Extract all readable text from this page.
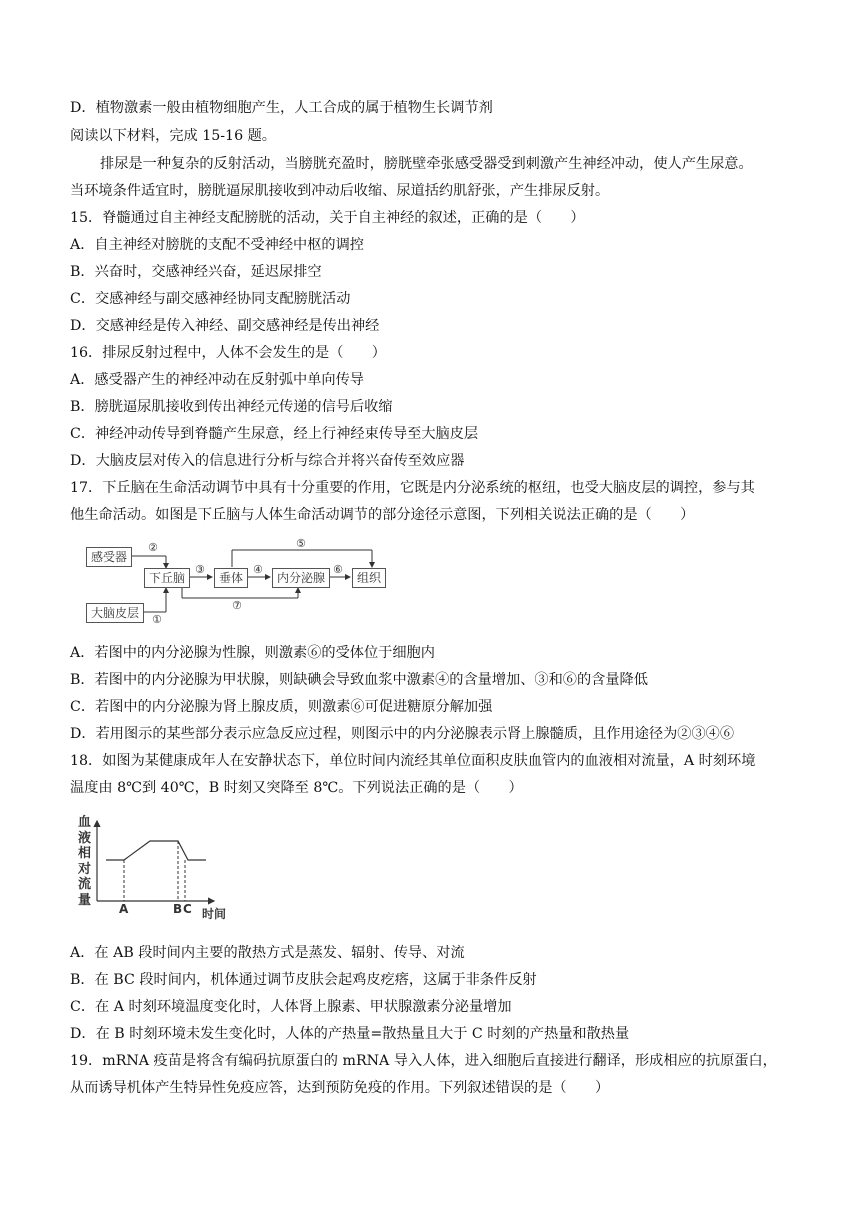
D．植物激素一般由植物细胞产生，人工合成的属于植物生长调节剂
阅读以下材料，完成 15-16 题。
排尿是一种复杂的反射活动，当膀胱充盈时，膀胱壁牵张感受器受到刺激产生神经冲动，使人产生尿意。
当环境条件适宜时，膀胱逼尿肌接收到冲动后收缩、尿道括约肌舒张，产生排尿反射。
15．脊髓通过自主神经支配膀胱的活动，关于自主神经的叙述，正确的是（　　）
A．自主神经对膀胱的支配不受神经中枢的调控
B．兴奋时，交感神经兴奋，延迟尿排空
C．交感神经与副交感神经协同支配膀胱活动
D．交感神经是传入神经、副交感神经是传出神经
16．排尿反射过程中，人体不会发生的是（　　）
A．感受器产生的神经冲动在反射弧中单向传导
B．膀胱逼尿肌接收到传出神经元传递的信号后收缩
C．神经冲动传导到脊髓产生尿意，经上行神经束传导至大脑皮层
D．大脑皮层对传入的信息进行分析与综合并将兴奋传至效应器
17．下丘脑在生命活动调节中具有十分重要的作用，它既是内分泌系统的枢纽，也受大脑皮层的调控，参与其
他生命活动。如图是下丘脑与人体生命活动调节的部分途径示意图，下列相关说法正确的是（　　）
感受器
下丘脑	垂体	内分泌腺	组织
大脑皮层
②
③	④	⑥
⑤
⑦
①
A．若图中的内分泌腺为性腺，则激素⑥的受体位于细胞内
B．若图中的内分泌腺为甲状腺，则缺碘会导致血浆中激素④的含量增加、③和⑥的含量降低
C．若图中的内分泌腺为肾上腺皮质，则激素⑥可促进糖原分解加强
D．若用图示的某些部分表示应急反应过程，则图示中的内分泌腺表示肾上腺髓质，且作用途径为②③④⑥
18．如图为某健康成年人在安静状态下，单位时间内流经其单位面积皮肤血管内的血液相对流量，A 时刻环境
温度由 8℃到 40℃，B 时刻又突降至 8℃。下列说法正确的是（　　）
血液相对流量
A	B C 时间
A．在 AB 段时间内主要的散热方式是蒸发、辐射、传导、对流
B．在 BC 段时间内，机体通过调节皮肤会起鸡皮疙瘩，这属于非条件反射
C．在 A 时刻环境温度变化时，人体肾上腺素、甲状腺激素分泌量增加
D．在 B 时刻环境未发生变化时，人体的产热量=散热量且大于 C 时刻的产热量和散热量
19．mRNA 疫苗是将含有编码抗原蛋白的 mRNA 导入人体，进入细胞后直接进行翻译，形成相应的抗原蛋白，
从而诱导机体产生特异性免疫应答，达到预防免疫的作用。下列叙述错误的是（　　）
